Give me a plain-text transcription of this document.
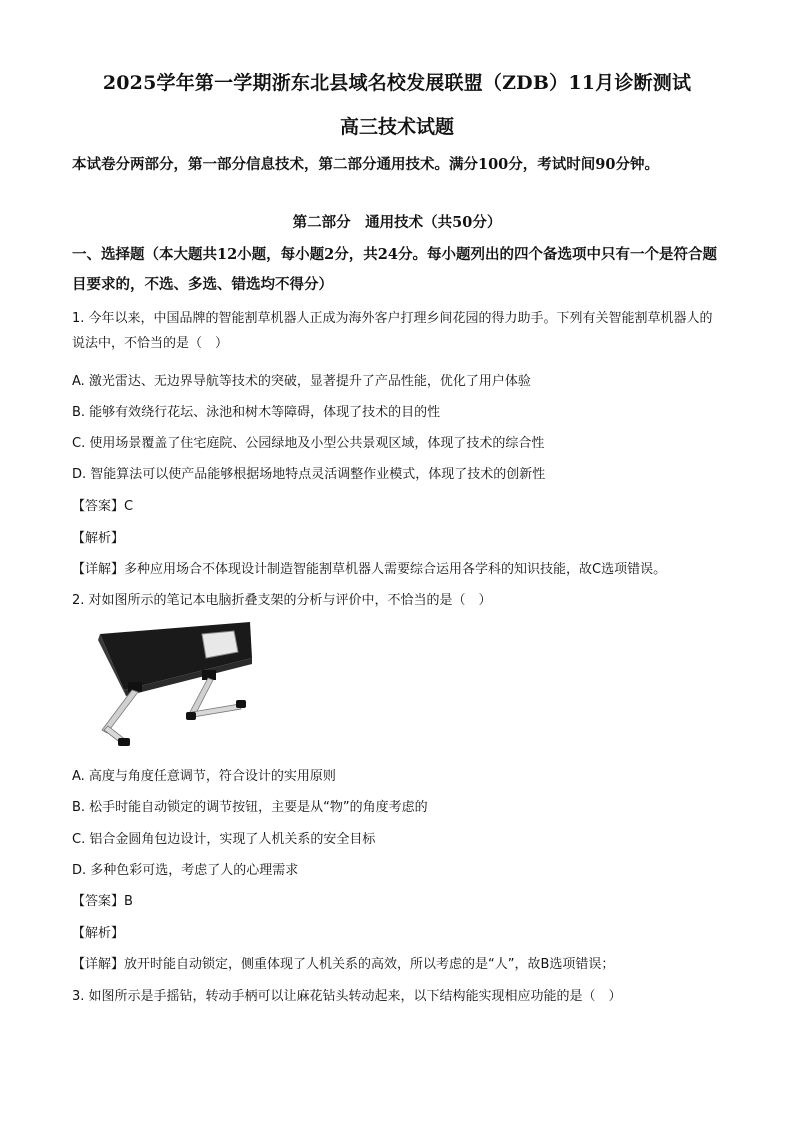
2025学年第一学期浙东北县域名校发展联盟（ZDB）11月诊断测试
高三技术试题
本试卷分两部分，第一部分信息技术，第二部分通用技术。满分100分，考试时间90分钟。
第二部分　通用技术（共50分）
一、选择题（本大题共12小题，每小题2分，共24分。每小题列出的四个备选项中只有一个是符合题目要求的，不选、多选、错选均不得分）
1. 今年以来，中国品牌的智能割草机器人正成为海外客户打理乡间花园的得力助手。下列有关智能割草机器人的说法中，不恰当的是（　）
A. 激光雷达、无边界导航等技术的突破，显著提升了产品性能，优化了用户体验
B. 能够有效绕行花坛、泳池和树木等障碍，体现了技术的目的性
C. 使用场景覆盖了住宅庭院、公园绿地及小型公共景观区域，体现了技术的综合性
D. 智能算法可以使产品能够根据场地特点灵活调整作业模式，体现了技术的创新性
【答案】C
【解析】
【详解】多种应用场合不体现设计制造智能割草机器人需要综合运用各学科的知识技能，故C选项错误。
2. 对如图所示的笔记本电脑折叠支架的分析与评价中，不恰当的是（　）
A. 高度与角度任意调节，符合设计的实用原则
B. 松手时能自动锁定的调节按钮，主要是从“物”的角度考虑的
C. 铝合金圆角包边设计，实现了人机关系的安全目标
D. 多种色彩可选，考虑了人的心理需求
【答案】B
【解析】
【详解】放开时能自动锁定，侧重体现了人机关系的高效，所以考虑的是“人”，故B选项错误；
3. 如图所示是手摇钻，转动手柄可以让麻花钻头转动起来，以下结构能实现相应功能的是（　）
